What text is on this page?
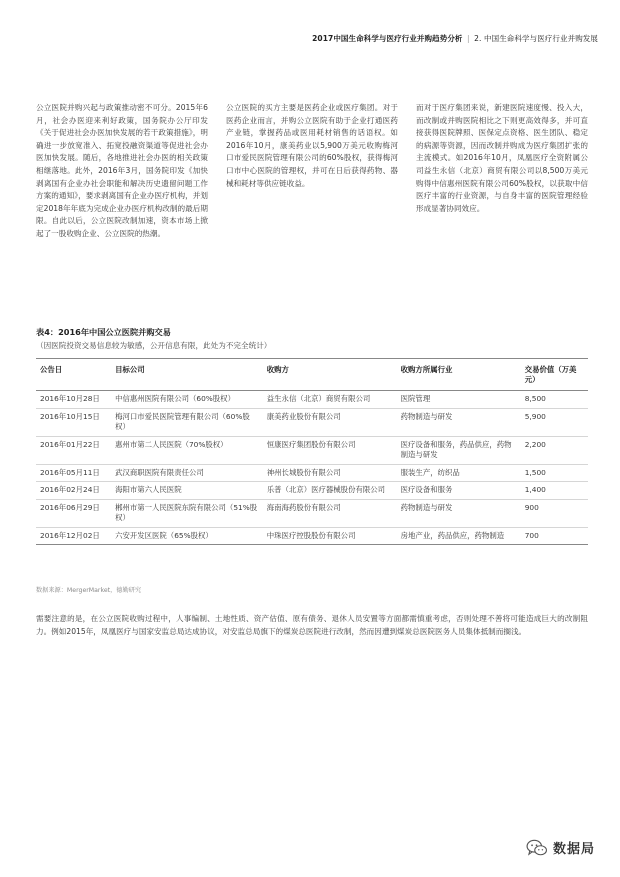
2017中国生命科学与医疗行业并购趋势分析 | 2. 中国生命科学与医疗行业并购发展
公立医院并购兴起与政策推动密不可分。2015年6月，社会办医迎来利好政策，国务院办公厅印发《关于促进社会办医加快发展的若干政策措施》，明确进一步放宽准入、拓宽投融资渠道等促进社会办医加快发展。随后，各地推进社会办医的相关政策相继落地。此外，2016年3月，国务院印发《加快剥离国有企业办社会职能和解决历史遗留问题工作方案的通知》，要求剥离国有企业办医疗机构，并划定2018年年底为完成企业办医疗机构改制的最后期限。自此以后，公立医院改制加速，资本市场上掀起了一股收购企业、公立医院的热潮。
公立医院的买方主要是医药企业或医疗集团。对于医药企业而言，并购公立医院有助于企业打通医药产业链，掌握药品或医用耗材销售的话语权。如2016年10月，康美药业以5,900万美元收购梅河口市爱民医院管理有限公司的60%股权，获得梅河口市中心医院的管理权，并可在日后获得药物、器械和耗材等供应链收益。
而对于医疗集团来说，新建医院速度慢、投入大，而改制或并购医院相比之下则更高效得多，并可直接获得医院牌照、医保定点资格、医生团队、稳定的病源等资源，因而改制并购成为医疗集团扩张的主流模式。如2016年10月，凤凰医疗全资附属公司益生永信（北京）商贸有限公司以8,500万美元购得中信惠州医院有限公司60%股权，以获取中信医疗丰富的行业资源，与自身丰富的医院管理经验形成显著协同效应。
表4：2016年中国公立医院并购交易
（因医院投资交易信息较为敏感，公开信息有限，此处为不完全统计）
公告日	目标公司	收购方	收购方所属行业	交易价值（万美元）
2016年10月28日	中信惠州医院有限公司（60%股权）	益生永信（北京）商贸有限公司	医院管理	8,500
2016年10月15日	梅河口市爱民医院管理有限公司（60%股权）	康美药业股份有限公司	药物制造与研发	5,900
2016年01月22日	惠州市第二人民医院（70%股权）	恒康医疗集团股份有限公司	医疗设备和服务，药品供应，药物制造与研发	2,200
2016年05月11日	武汉商职医院有限责任公司	神州长城股份有限公司	服装生产，纺织品	1,500
2016年02月24日	海阳市第六人民医院	乐普（北京）医疗器械股份有限公司	医疗设备和服务	1,400
2016年06月29日	郴州市第一人民医院东院有限公司（51%股权）	海南海药股份有限公司	药物制造与研发	900
2016年12月02日	六安开发区医院（65%股权）	中珠医疗控股股份有限公司	房地产业，药品供应，药物制造	700
数据来源：MergerMarket，德勤研究
需要注意的是，在公立医院收购过程中，人事编制、土地性质、资产估值、原有债务、退休人员安置等方面都需慎重考虑，否则处理不善将可能造成巨大的改制阻力。例如2015年，凤凰医疗与国家安监总局达成协议，对安监总局旗下的煤炭总医院进行改制，然而因遭到煤炭总医院医务人员集体抵制而搁浅。
数据局
